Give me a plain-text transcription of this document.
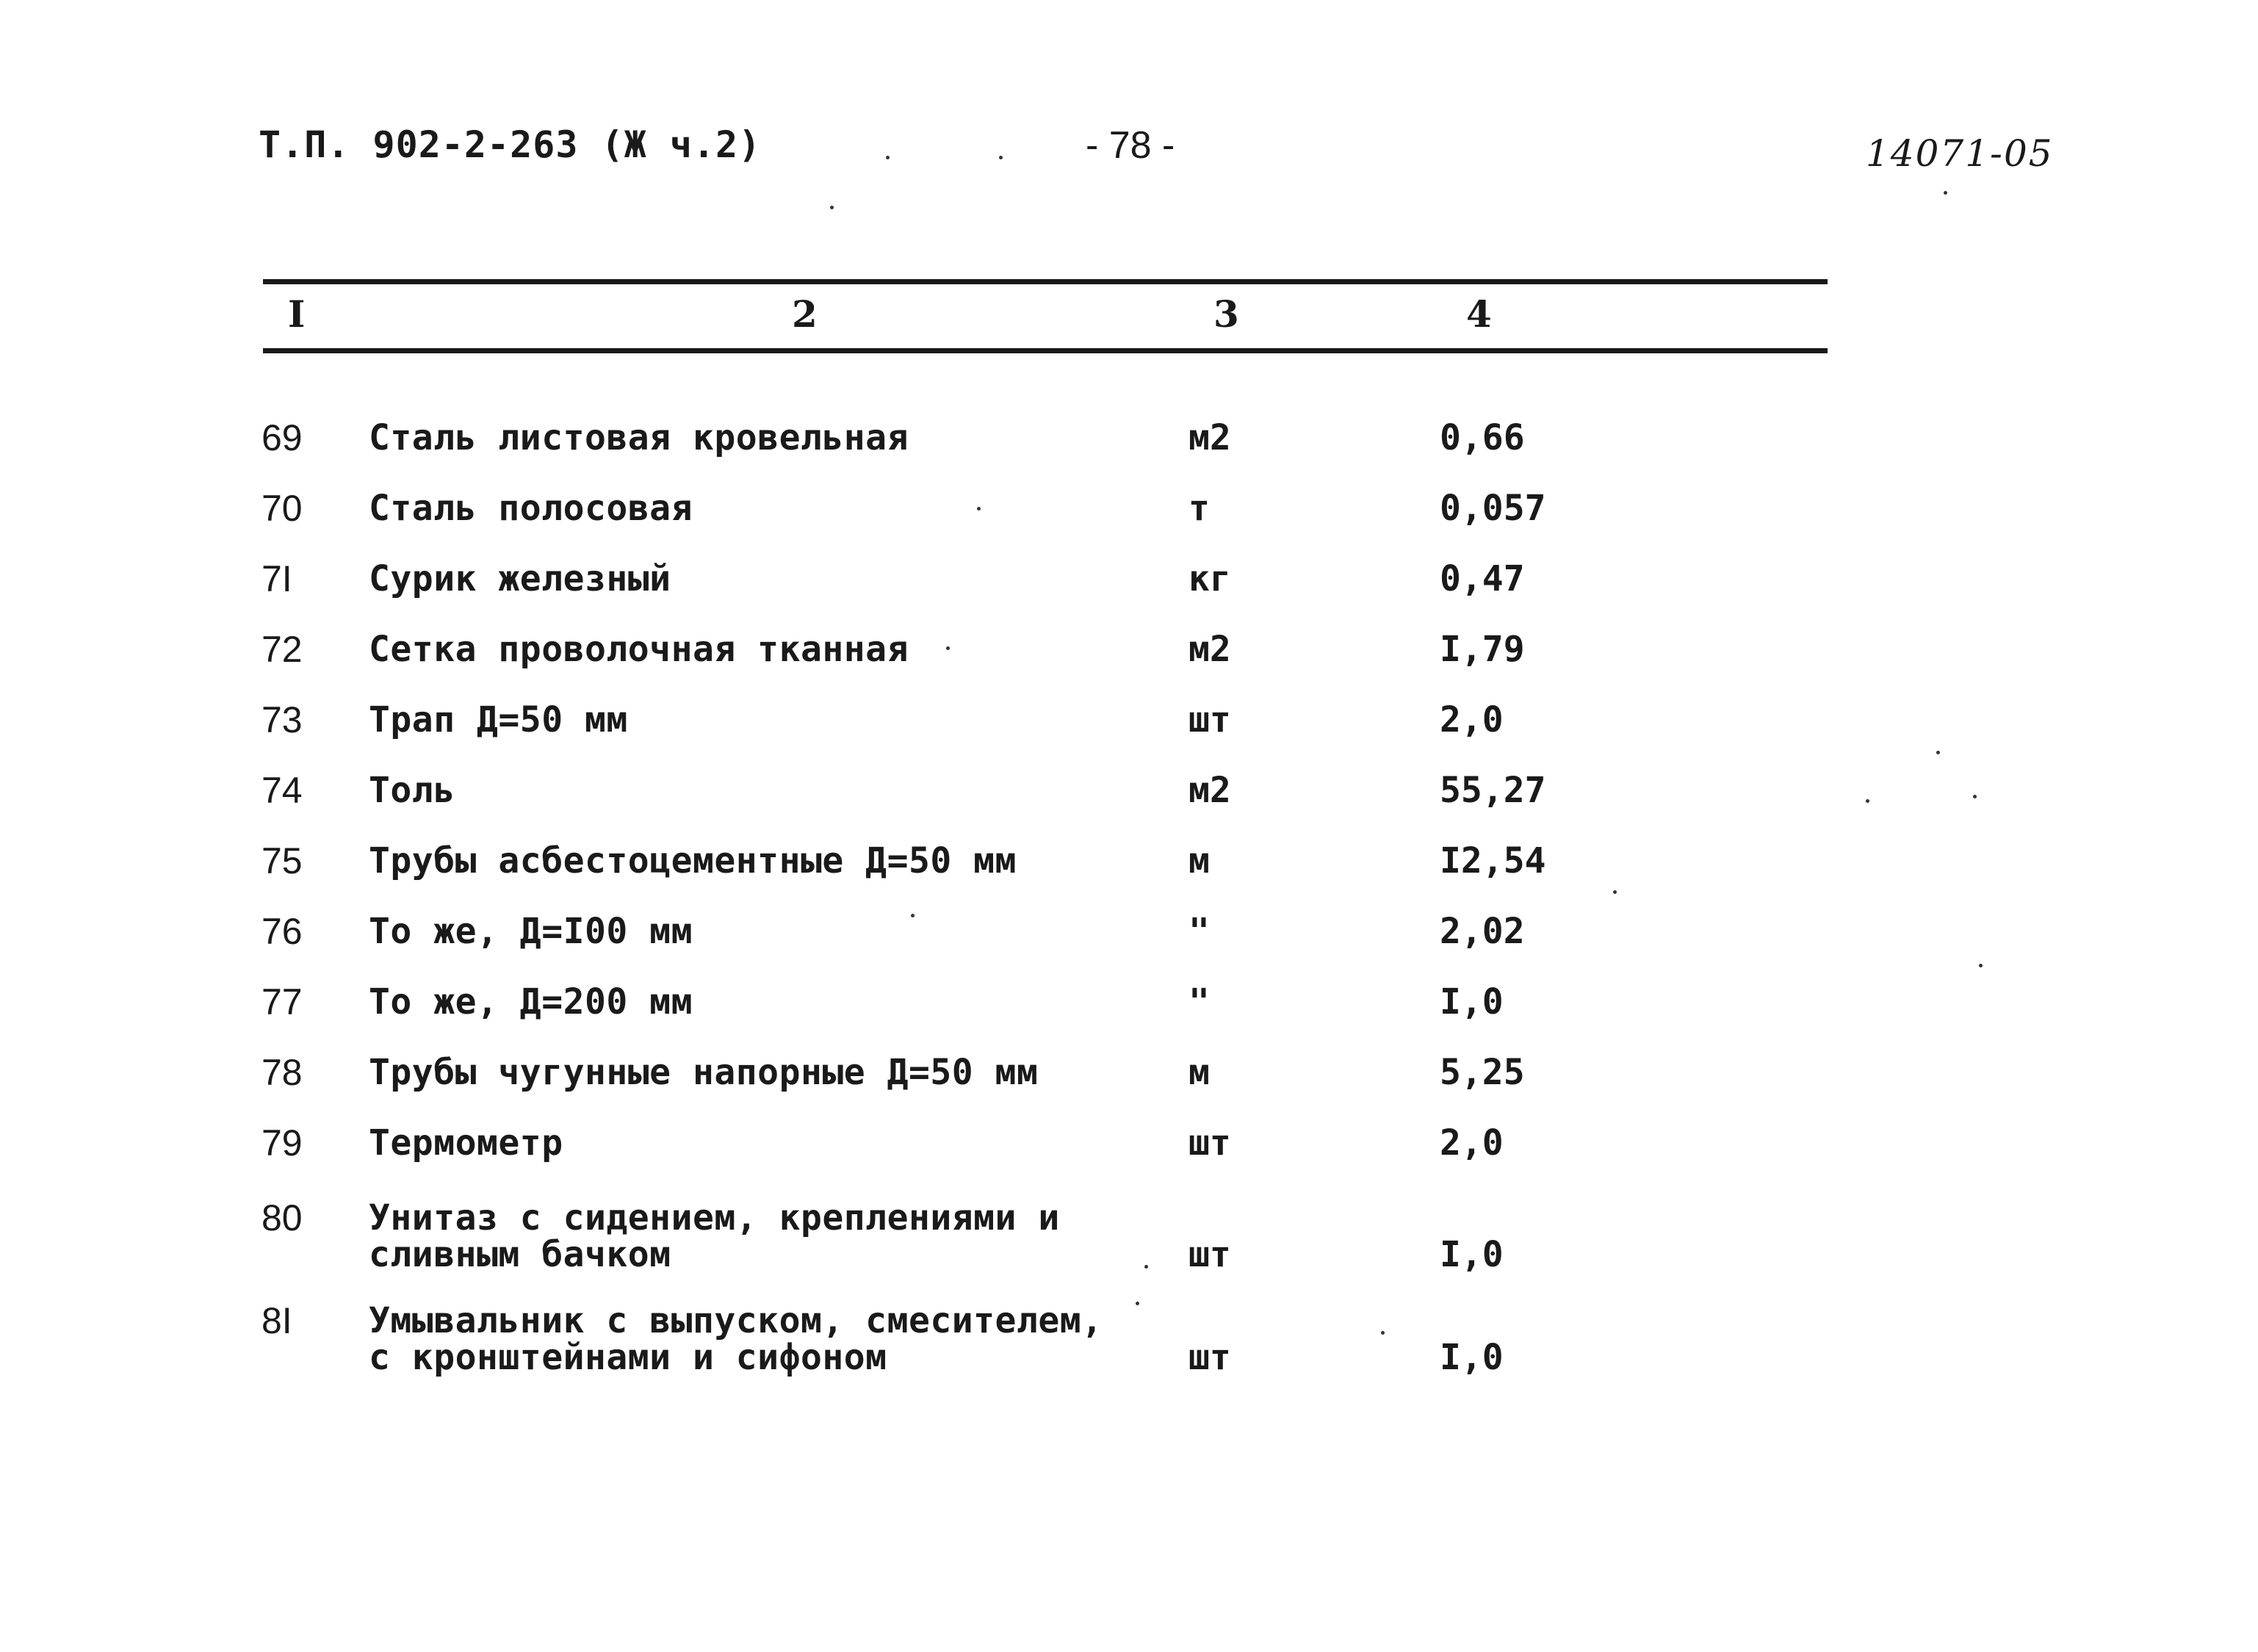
Т.П. 902-2-263 (Ж ч.2)	- 78 -	14071-05
I	2	3	4
69 Сталь листовая кровельная	м2	0,66
70 Сталь полосовая	т	0,057
7I Сурик железный	кг	0,47
72 Сетка проволочная тканная	м2	I,79
73 Трап Д=50 мм	шт	2,0
74 Толь	м2	55,27
75 Трубы асбестоцементные Д=50 мм	м	I2,54
76 То же, Д=I00 мм	"	2,02
77 То же, Д=200 мм	"	I,0
78 Трубы чугунные напорные Д=50 мм	м	5,25
79 Термометр	шт	2,0
80 Унитаз с сидением, креплениями и
сливным бачком	шт	I,0
8I Умывальник с выпуском, смесителем,
с кронштейнами и сифоном	шт	I,0
